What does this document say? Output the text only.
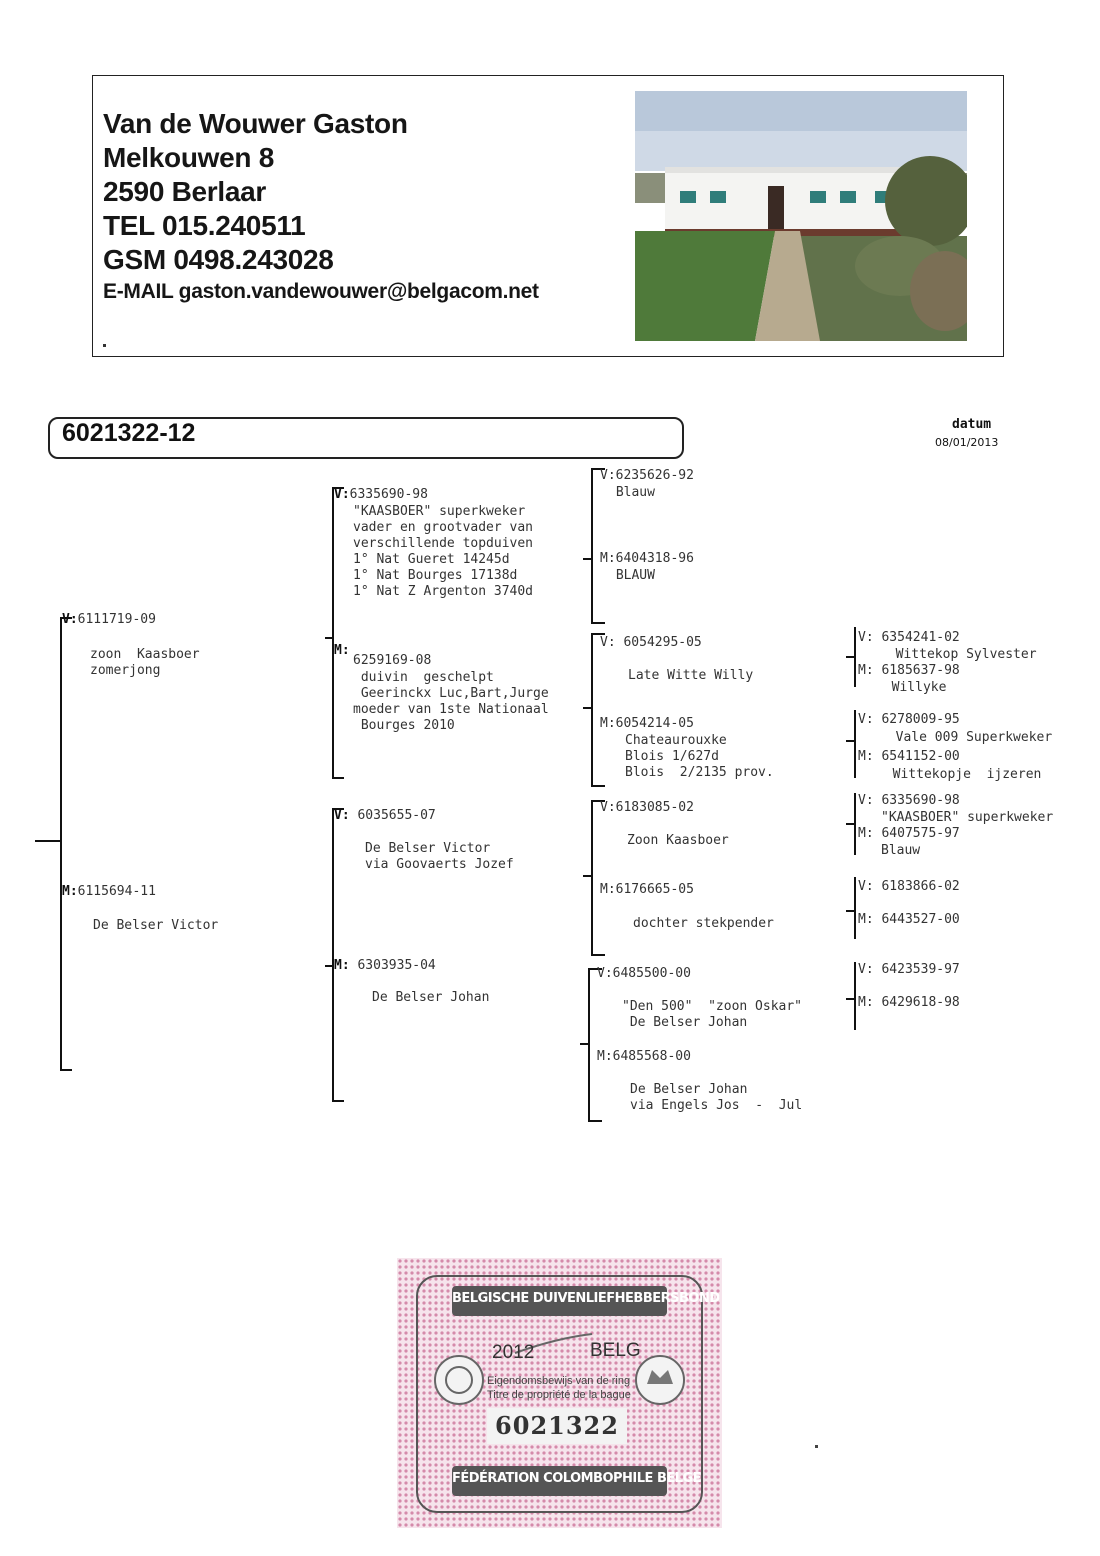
Van de Wouwer Gaston
Melkouwen 8
2590 Berlaar
TEL 015.240511
GSM 0498.243028
E-MAIL gaston.vandewouwer@belgacom.net
6021322-12	datum
08/01/2013
V:6111719-09
zoon  Kaasboer
zomerjong
M:6115694-11
De Belser Victor
V:6335690-98
"KAASBOER" superkweker
vader en grootvader van
verschillende topduiven
1° Nat Gueret 14245d
1° Nat Bourges 17138d
1° Nat Z Argenton 3740d
M:
6259169-08
duivin  geschelpt
Geerinckx Luc,Bart,Jurge
moeder van 1ste Nationaal
Bourges 2010
V: 6035655-07
De Belser Victor
via Goovaerts Jozef
M: 6303935-04
De Belser Johan
V:6235626-92
Blauw
M:6404318-96
BLAUW
V: 6054295-05
Late Witte Willy
M:6054214-05
Chateaurouxke
Blois 1/627d
Blois  2/2135 prov.
V:6183085-02
Zoon Kaasboer
M:6176665-05
dochter stekpender
V:6485500-00
"Den 500"  "zoon Oskar"
De Belser Johan
M:6485568-00
De Belser Johan
via Engels Jos  -  Jul
V: 6354241-02
Wittekop Sylvester
M: 6185637-98
Willyke
V: 6278009-95
Vale 009 Superkweker
M: 6541152-00
Wittekopje  ijzeren
V: 6335690-98
"KAASBOER" superkweker
M: 6407575-97
Blauw
V: 6183866-02
M: 6443527-00
V: 6423539-97
M: 6429618-98
BELGISCHE DUIVENLIEFHEBBERSBOND
2012	BELG
Eigendomsbewijs van de ring
Titre de propriété de la bague
6021322
FÉDÉRATION COLOMBOPHILE BELGE
